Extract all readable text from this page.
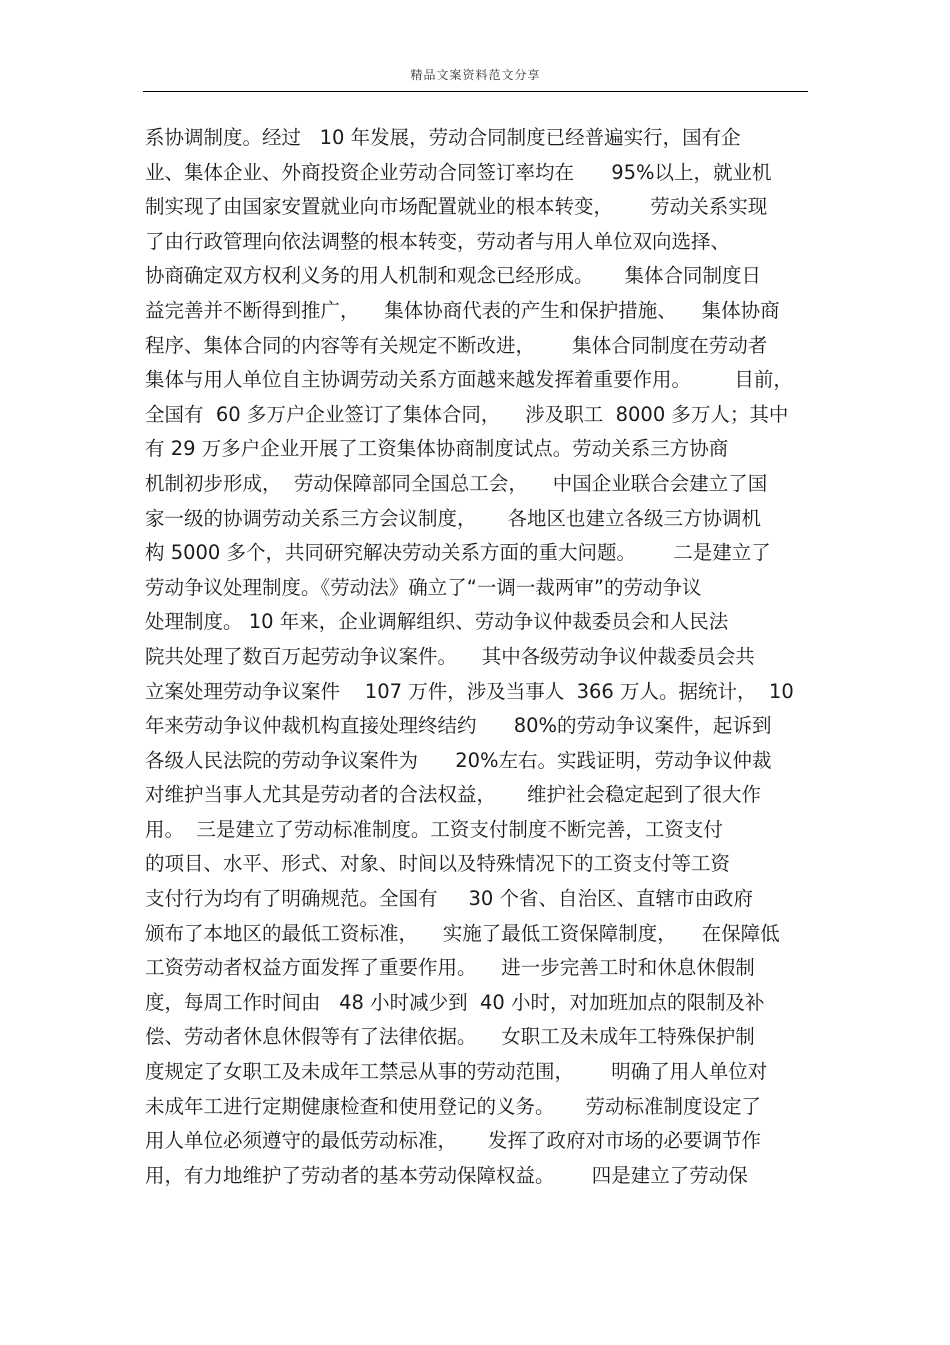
精品文案资料范文分享
系协调制度。经过   10 年发展，劳动合同制度已经普遍实行，国有企
业、集体企业、外商投资企业劳动合同签订率均在      95%以上，就业机
制实现了由国家安置就业向市场配置就业的根本转变，      劳动关系实现
了由行政管理向依法调整的根本转变，劳动者与用人单位双向选择、
协商确定双方权利义务的用人机制和观念已经形成。     集体合同制度日
益完善并不断得到推广，    集体协商代表的产生和保护措施、    集体协商
程序、集体合同的内容等有关规定不断改进，      集体合同制度在劳动者
集体与用人单位自主协调劳动关系方面越来越发挥着重要作用。       目前，
全国有  60 多万户企业签订了集体合同，    涉及职工  8000 多万人；其中
有 29 万多户企业开展了工资集体协商制度试点。劳动关系三方协商
机制初步形成，  劳动保障部同全国总工会，    中国企业联合会建立了国
家一级的协调劳动关系三方会议制度，     各地区也建立各级三方协调机
构 5000 多个，共同研究解决劳动关系方面的重大问题。      二是建立了
劳动争议处理制度。《劳动法》确立了“一调一裁两审”的劳动争议
处理制度。 10 年来，企业调解组织、劳动争议仲裁委员会和人民法
院共处理了数百万起劳动争议案件。    其中各级劳动争议仲裁委员会共
立案处理劳动争议案件    107 万件，涉及当事人  366 万人。据统计，  10
年来劳动争议仲裁机构直接处理终结约      80%的劳动争议案件，起诉到
各级人民法院的劳动争议案件为      20%左右。实践证明，劳动争议仲裁
对维护当事人尤其是劳动者的合法权益，     维护社会稳定起到了很大作
用。  三是建立了劳动标准制度。工资支付制度不断完善，工资支付
的项目、水平、形式、对象、时间以及特殊情况下的工资支付等工资
支付行为均有了明确规范。全国有     30 个省、自治区、直辖市由政府
颁布了本地区的最低工资标准，    实施了最低工资保障制度，    在保障低
工资劳动者权益方面发挥了重要作用。    进一步完善工时和休息休假制
度，每周工作时间由   48 小时减少到  40 小时，对加班加点的限制及补
偿、劳动者休息休假等有了法律依据。    女职工及未成年工特殊保护制
度规定了女职工及未成年工禁忌从事的劳动范围，      明确了用人单位对
未成年工进行定期健康检查和使用登记的义务。     劳动标准制度设定了
用人单位必须遵守的最低劳动标准，     发挥了政府对市场的必要调节作
用，有力地维护了劳动者的基本劳动保障权益。      四是建立了劳动保
